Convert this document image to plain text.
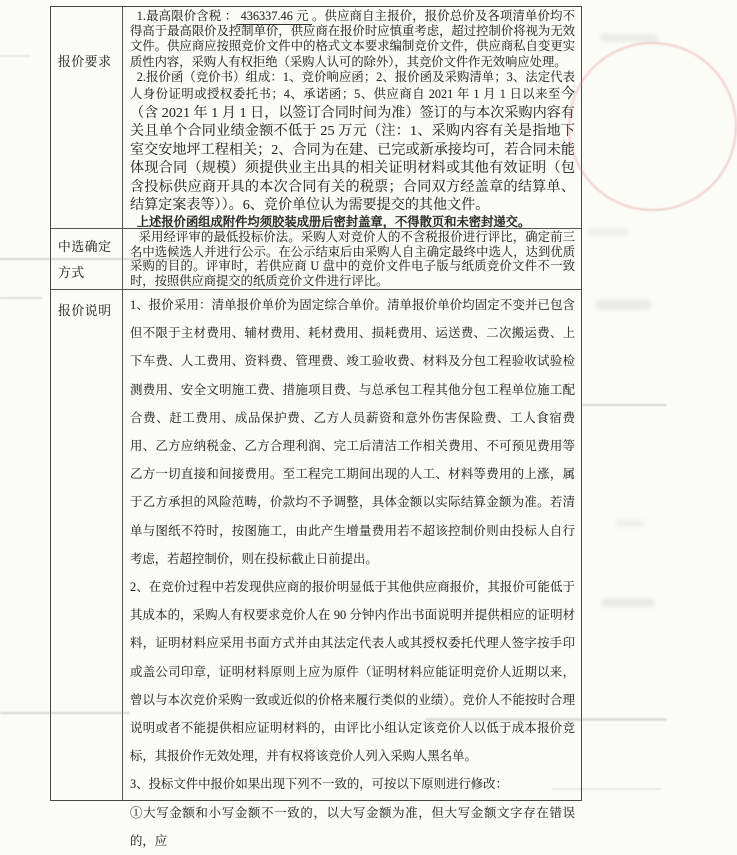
报价要求

1.最高限价含税 ： 436337.46 元 。供应商自主报价，报价总价及各项清单价均不得高于最高限价及控制单价，供应商在报价时应慎重考虑，超过控制价将视为无效文件。供应商应按照竞价文件中的格式文本要求编制竞价文件，供应商私自变更实质性内容，采购人有权拒绝（采购人认可的除外），其竞价文件作无效响应处理。

2.报价函（竞价书）组成：1、竞价响应函；2、报价函及采购清单；3、法定代表人身份证明或授权委托书；4、承诺函；5、供应商自 2021 年 1 月 1 日以来至今（含 2021 年 1 月 1 日，以签订合同时间为准）签订的与本次采购内容有关且单个合同业绩金额不低于 25 万元（注：1、采购内容有关是指地下室交安地坪工程相关；2、合同为在建、已完或新承接均可，若合同未能体现合同（规模）须提供业主出具的相关证明材料或其他有效证明（包含投标供应商开具的本次合同有关的税票；合同双方经盖章的结算单、结算定案表等））。6、竞价单位认为需要提交的其他文件。

上述报价函组成附件均须胶装成册后密封盖章，不得散页和未密封递交。

中选确定方式

采用经评审的最低投标价法。采购人对竞价人的不含税报价进行评比，确定前三名中选候选人并进行公示。在公示结束后由采购人自主确定最终中选人，达到优质采购的目的。评审时，若供应商 U 盘中的竞价文件电子版与纸质竞价文件不一致时，按照供应商提交的纸质竞价文件进行评比。

报价说明	1、报价采用：清单报价单价为固定综合单价。清单报价单价均固定不变并已包含但不限于主材费用、辅材费用、耗材费用、损耗费用、运送费、二次搬运费、上下车费、人工费用、资料费、管理费、竣工验收费、材料及分包工程验收试验检测费用、安全文明施工费、措施项目费、与总承包工程其他分包工程单位施工配合费、赶工费用、成品保护费、乙方人员薪资和意外伤害保险费、工人食宿费用、乙方应纳税金、乙方合理利润、完工后清洁工作相关费用、不可预见费用等乙方一切直接和间接费用。至工程完工期间出现的人工、材料等费用的上涨，属于乙方承担的风险范畴，价款均不予调整，具体金额以实际结算金额为准。若清单与图纸不符时，按图施工，由此产生增量费用若不超该控制价则由投标人自行考虑，若超控制价，则在投标截止日前提出。

2、在竞价过程中若发现供应商的报价明显低于其他供应商报价，其报价可能低于其成本的，采购人有权要求竞价人在 90 分钟内作出书面说明并提供相应的证明材料，证明材料应采用书面方式并由其法定代表人或其授权委托代理人签字按手印或盖公司印章，证明材料原则上应为原件（证明材料应能证明竞价人近期以来，曾以与本次竞价采购一致或近似的价格来履行类似的业绩）。竞价人不能按时合理说明或者不能提供相应证明材料的，由评比小组认定该竞价人以低于成本报价竞标，其报价作无效处理，并有权将该竞价人列入采购人黑名单。

3、投标文件中报价如果出现下列不一致的，可按以下原则进行修改：

①大写金额和小写金额不一致的，以大写金额为准，但大写金额文字存在错误的，应
